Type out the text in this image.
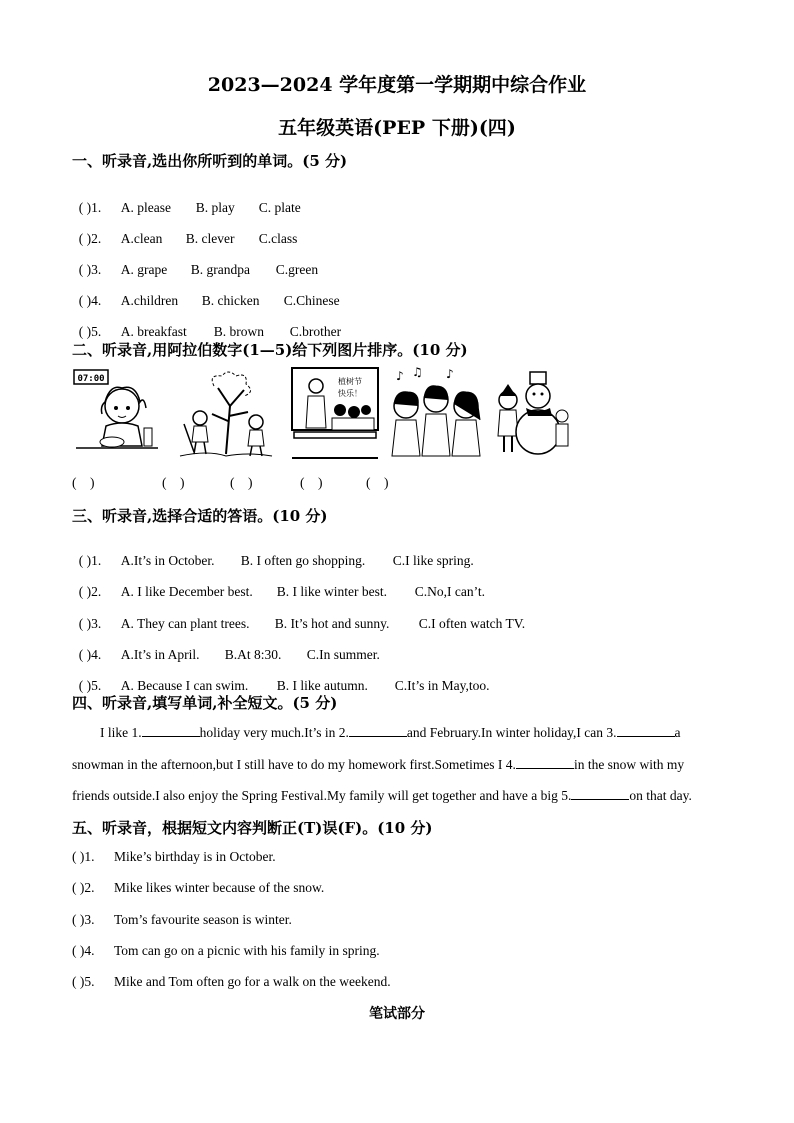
2023—2024 学年度第一学期期中综合作业
五年级英语(PEP 下册)(四)
一、听录音,选出你所听到的单词。(5 分)

( )1. A. please B. play C. plate

( )2. A.clean B. clever C.class

( )3. A. grape B. grandpa C.green

( )4. A.children B. chicken C.Chinese

( )5. A. breakfast B. brown C.brother

二、听录音,用阿拉伯数字(1—5)给下列图片排序。(10 分)
07:00	植树节
快乐！
♪ ♫ ♪
(    )	(    )	(    )	(    )	(    )
三、听录音,选择合适的答语。(10 分)

( )1. A.It’s in October. B. I often go shopping. C.I like spring.

( )2. A. I like December best. B. I like winter best. C.No,I can’t.

( )3. A. They can plant trees. B. It’s hot and sunny. C.I often watch TV.

( )4. A.It’s in April. B.At 8:30. C.In summer.

( )5. A. Because I can swim. B. I like autumn. C.It’s in May,too.

四、听录音,填写单词,补全短文。(5 分)
I like 1.	holiday very much.It’s in 2.	and February.In winter holiday,I can 3.	a
snowman in the afternoon,but I still have to do my homework first.Sometimes I 4.	in the snow with my
friends outside.I also enjoy the Spring Festival.My family will get together and have a big 5.	on that day.
五、听录音，根据短文内容判断正(T)误(F)。(10 分)
( )1. Mike’s birthday is in October.
( )2. Mike likes winter because of the snow.
( )3. Tom’s favourite season is winter.
( )4. Tom can go on a picnic with his family in spring.
( )5. Mike and Tom often go for a walk on the weekend.
笔试部分
